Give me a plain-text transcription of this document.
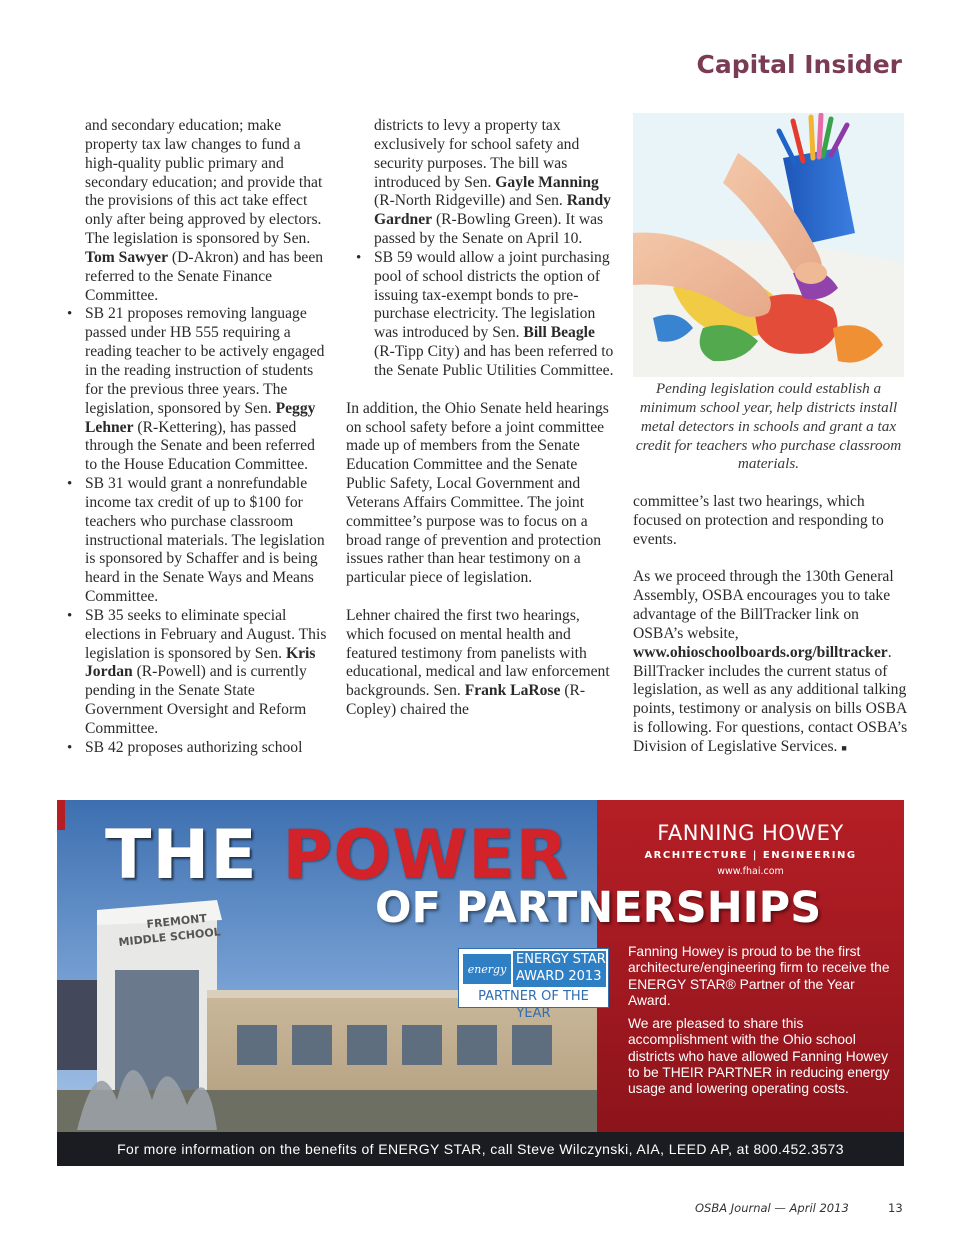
Capital Insider

and secondary education; make property tax law changes to fund a high-quality public primary and secondary education; and provide that the provisions of this act take effect only after being approved by electors. The legislation is sponsored by Sen. Tom Sawyer (D-Akron) and has been referred to the Senate Finance Committee.

• SB 21 proposes removing language passed under HB 555 requiring a reading teacher to be actively engaged in the reading instruction of students for the previous three years. The legislation, sponsored by Sen. Peggy Lehner (R-Kettering), has passed through the Senate and been referred to the House Education Committee.
• SB 31 would grant a nonrefundable income tax credit of up to $100 for teachers who purchase classroom instructional materials. The legislation is sponsored by Schaffer and is being heard in the Senate Ways and Means Committee.
• SB 35 seeks to eliminate special elections in February and August. This legislation is sponsored by Sen. Kris Jordan (R-Powell) and is currently pending in the Senate State Government Oversight and Reform Committee.
• SB 42 proposes authorizing school

districts to levy a property tax exclusively for school safety and security purposes. The bill was introduced by Sen. Gayle Manning (R-North Ridgeville) and Sen. Randy Gardner (R-Bowling Green). It was passed by the Senate on April 10.

• SB 59 would allow a joint purchasing pool of school districts the option of issuing tax-exempt bonds to pre-purchase electricity. The legislation was introduced by Sen. Bill Beagle (R-Tipp City) and has been referred to the Senate Public Utilities Committee.

In addition, the Ohio Senate held hearings on school safety before a joint committee made up of members from the Senate Education Committee and the Senate Public Safety, Local Government and Veterans Affairs Committee. The joint committee’s purpose was to focus on a broad range of prevention and protection issues rather than hear testimony on a particular piece of legislation.

Lehner chaired the first two hearings, which focused on mental health and featured testimony from panelists with educational, medical and law enforcement backgrounds. Sen. Frank LaRose (R-Copley) chaired the

Pending legislation could establish a minimum school year, help districts install metal detectors in schools and grant a tax credit for teachers who purchase classroom materials.

committee’s last two hearings, which focused on protection and responding to events.

As we proceed through the 130th General Assembly, OSBA encourages you to take advantage of the BillTracker link on OSBA’s website, www.ohioschoolboards.org/billtracker. BillTracker includes the current status of legislation, as well as any additional talking points, testimony or analysis on bills OSBA is following. For questions, contact OSBA’s Division of Legislative Services. ■

FREMONT
MIDDLE SCHOOL
THE POWER
OF PARTNERSHIPS
FANNING HOWEY
ARCHITECTURE | ENGINEERING
www.fhai.com
energy
ENERGY STAR AWARD 2013
PARTNER OF THE YEAR

Fanning Howey is proud to be the first architecture/engineering firm to receive the ENERGY STAR® Partner of the Year Award.

We are pleased to share this accomplishment with the Ohio school districts who have allowed Fanning Howey to be THEIR PARTNER in reducing energy usage and lowering operating costs.

For more information on the benefits of ENERGY STAR, call Steve Wilczynski, AIA, LEED AP, at 800.452.3573
OSBA Journal — April 2013	13
